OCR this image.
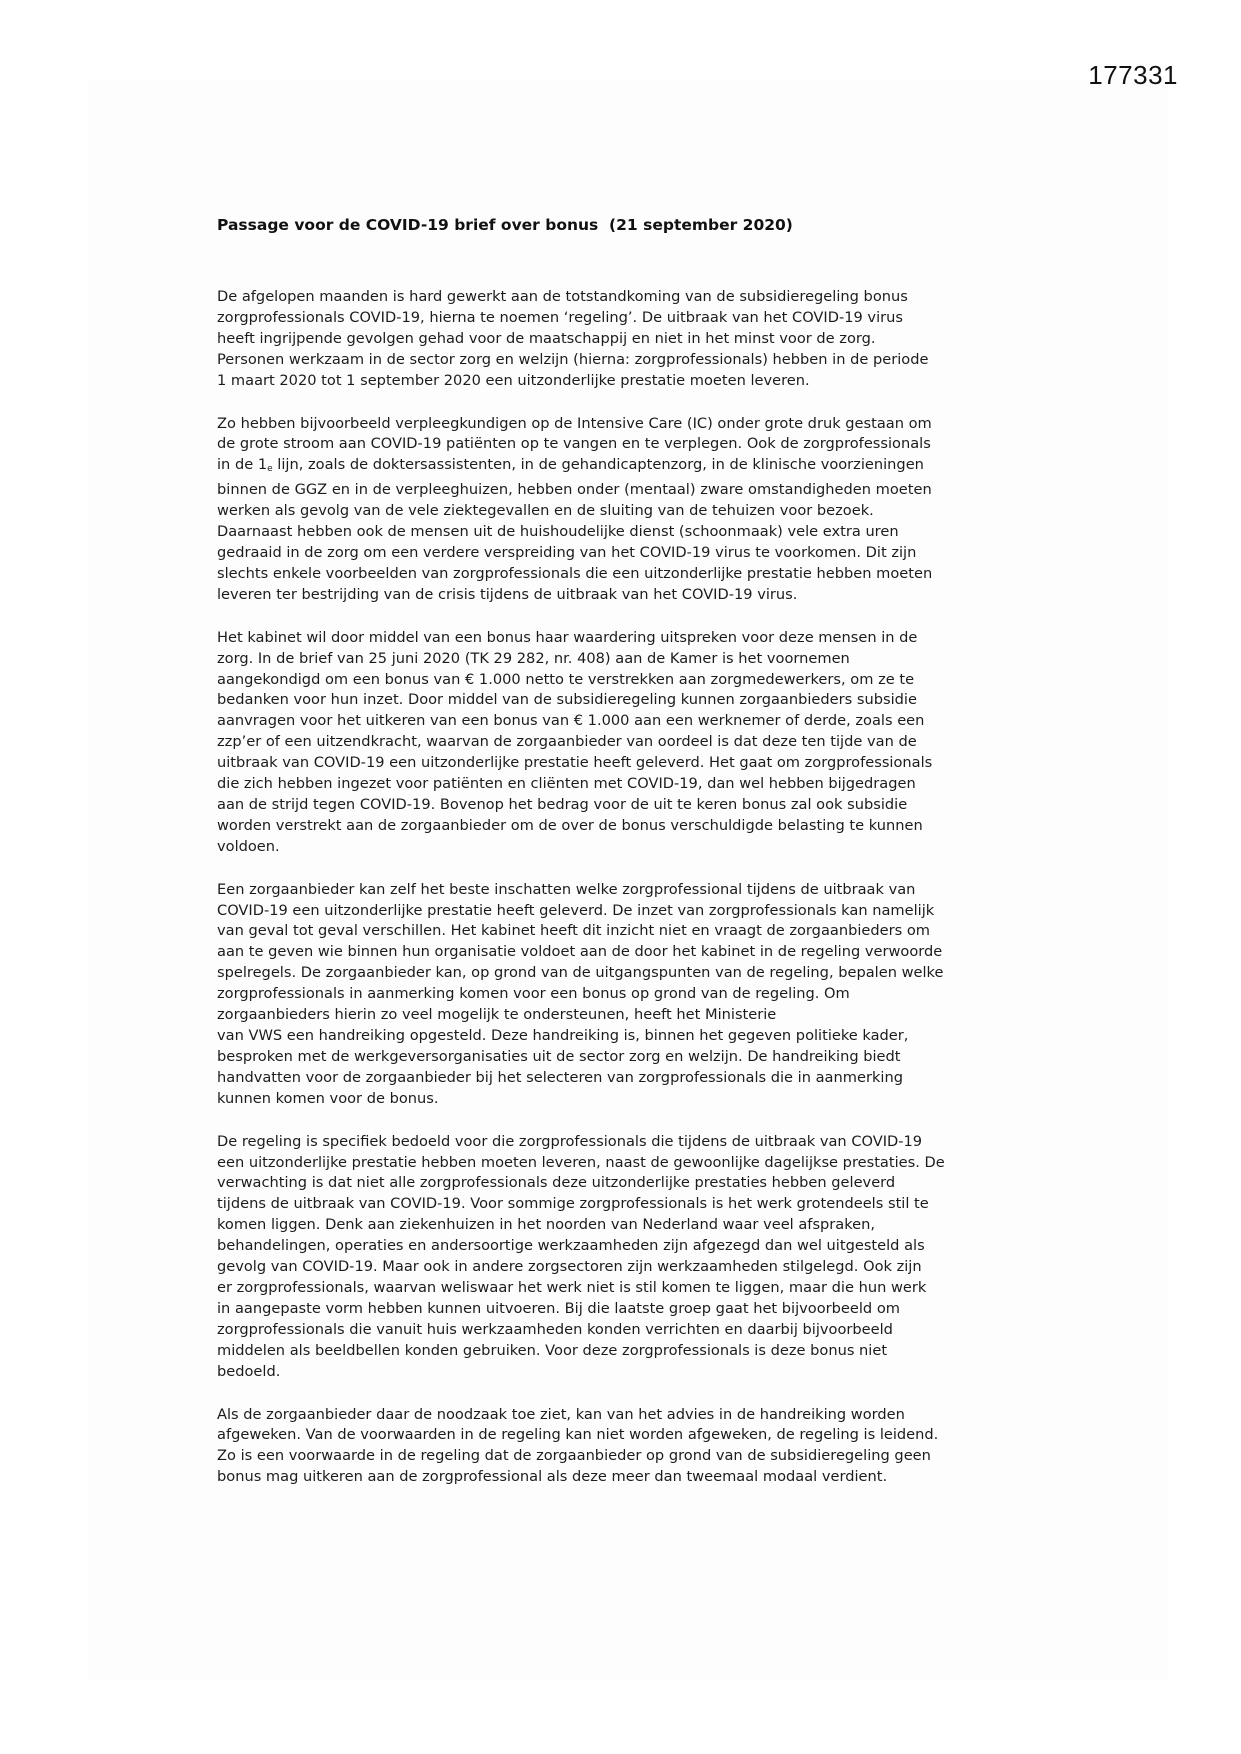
177331
Passage voor de COVID-19 brief over bonus  (21 september 2020)

De afgelopen maanden is hard gewerkt aan de totstandkoming van de subsidieregeling bonus
zorgprofessionals COVID-19, hierna te noemen ‘regeling’. De uitbraak van het COVID-19 virus
heeft ingrijpende gevolgen gehad voor de maatschappij en niet in het minst voor de zorg.
Personen werkzaam in de sector zorg en welzijn (hierna: zorgprofessionals) hebben in de periode
1 maart 2020 tot 1 september 2020 een uitzonderlijke prestatie moeten leveren.

Zo hebben bijvoorbeeld verpleegkundigen op de Intensive Care (IC) onder grote druk gestaan om
de grote stroom aan COVID-19 patiënten op te vangen en te verplegen. Ook de zorgprofessionals
in de $1_e$ lijn, zoals de doktersassistenten, in de gehandicaptenzorg, in de klinische voorzieningen
binnen de GGZ en in de verpleeghuizen, hebben onder (mentaal) zware omstandigheden moeten
werken als gevolg van de vele ziektegevallen en de sluiting van de tehuizen voor bezoek.
Daarnaast hebben ook de mensen uit de huishoudelijke dienst (schoonmaak) vele extra uren
gedraaid in de zorg om een verdere verspreiding van het COVID-19 virus te voorkomen. Dit zijn
slechts enkele voorbeelden van zorgprofessionals die een uitzonderlijke prestatie hebben moeten
leveren ter bestrijding van de crisis tijdens de uitbraak van het COVID-19 virus.

Het kabinet wil door middel van een bonus haar waardering uitspreken voor deze mensen in de
zorg. In de brief van 25 juni 2020 (TK 29 282, nr. 408) aan de Kamer is het voornemen
aangekondigd om een bonus van € 1.000 netto te verstrekken aan zorgmedewerkers, om ze te
bedanken voor hun inzet. Door middel van de subsidieregeling kunnen zorgaanbieders subsidie
aanvragen voor het uitkeren van een bonus van € 1.000 aan een werknemer of derde, zoals een
zzp’er of een uitzendkracht, waarvan de zorgaanbieder van oordeel is dat deze ten tijde van de
uitbraak van COVID-19 een uitzonderlijke prestatie heeft geleverd. Het gaat om zorgprofessionals
die zich hebben ingezet voor patiënten en cliënten met COVID-19, dan wel hebben bijgedragen
aan de strijd tegen COVID-19. Bovenop het bedrag voor de uit te keren bonus zal ook subsidie
worden verstrekt aan de zorgaanbieder om de over de bonus verschuldigde belasting te kunnen
voldoen.

Een zorgaanbieder kan zelf het beste inschatten welke zorgprofessional tijdens de uitbraak van
COVID-19 een uitzonderlijke prestatie heeft geleverd. De inzet van zorgprofessionals kan namelijk
van geval tot geval verschillen. Het kabinet heeft dit inzicht niet en vraagt de zorgaanbieders om
aan te geven wie binnen hun organisatie voldoet aan de door het kabinet in de regeling verwoorde
spelregels. De zorgaanbieder kan, op grond van de uitgangspunten van de regeling, bepalen welke
zorgprofessionals in aanmerking komen voor een bonus op grond van de regeling. Om
zorgaanbieders hierin zo veel mogelijk te ondersteunen, heeft het Ministerie
van VWS een handreiking opgesteld. Deze handreiking is, binnen het gegeven politieke kader,
besproken met de werkgeversorganisaties uit de sector zorg en welzijn. De handreiking biedt
handvatten voor de zorgaanbieder bij het selecteren van zorgprofessionals die in aanmerking
kunnen komen voor de bonus.

De regeling is specifiek bedoeld voor die zorgprofessionals die tijdens de uitbraak van COVID-19
een uitzonderlijke prestatie hebben moeten leveren, naast de gewoonlijke dagelijkse prestaties. De
verwachting is dat niet alle zorgprofessionals deze uitzonderlijke prestaties hebben geleverd
tijdens de uitbraak van COVID-19. Voor sommige zorgprofessionals is het werk grotendeels stil te
komen liggen. Denk aan ziekenhuizen in het noorden van Nederland waar veel afspraken,
behandelingen, operaties en andersoortige werkzaamheden zijn afgezegd dan wel uitgesteld als
gevolg van COVID-19. Maar ook in andere zorgsectoren zijn werkzaamheden stilgelegd. Ook zijn
er zorgprofessionals, waarvan weliswaar het werk niet is stil komen te liggen, maar die hun werk
in aangepaste vorm hebben kunnen uitvoeren. Bij die laatste groep gaat het bijvoorbeeld om
zorgprofessionals die vanuit huis werkzaamheden konden verrichten en daarbij bijvoorbeeld
middelen als beeldbellen konden gebruiken. Voor deze zorgprofessionals is deze bonus niet
bedoeld.

Als de zorgaanbieder daar de noodzaak toe ziet, kan van het advies in de handreiking worden
afgeweken. Van de voorwaarden in de regeling kan niet worden afgeweken, de regeling is leidend.
Zo is een voorwaarde in de regeling dat de zorgaanbieder op grond van de subsidieregeling geen
bonus mag uitkeren aan de zorgprofessional als deze meer dan tweemaal modaal verdient.
